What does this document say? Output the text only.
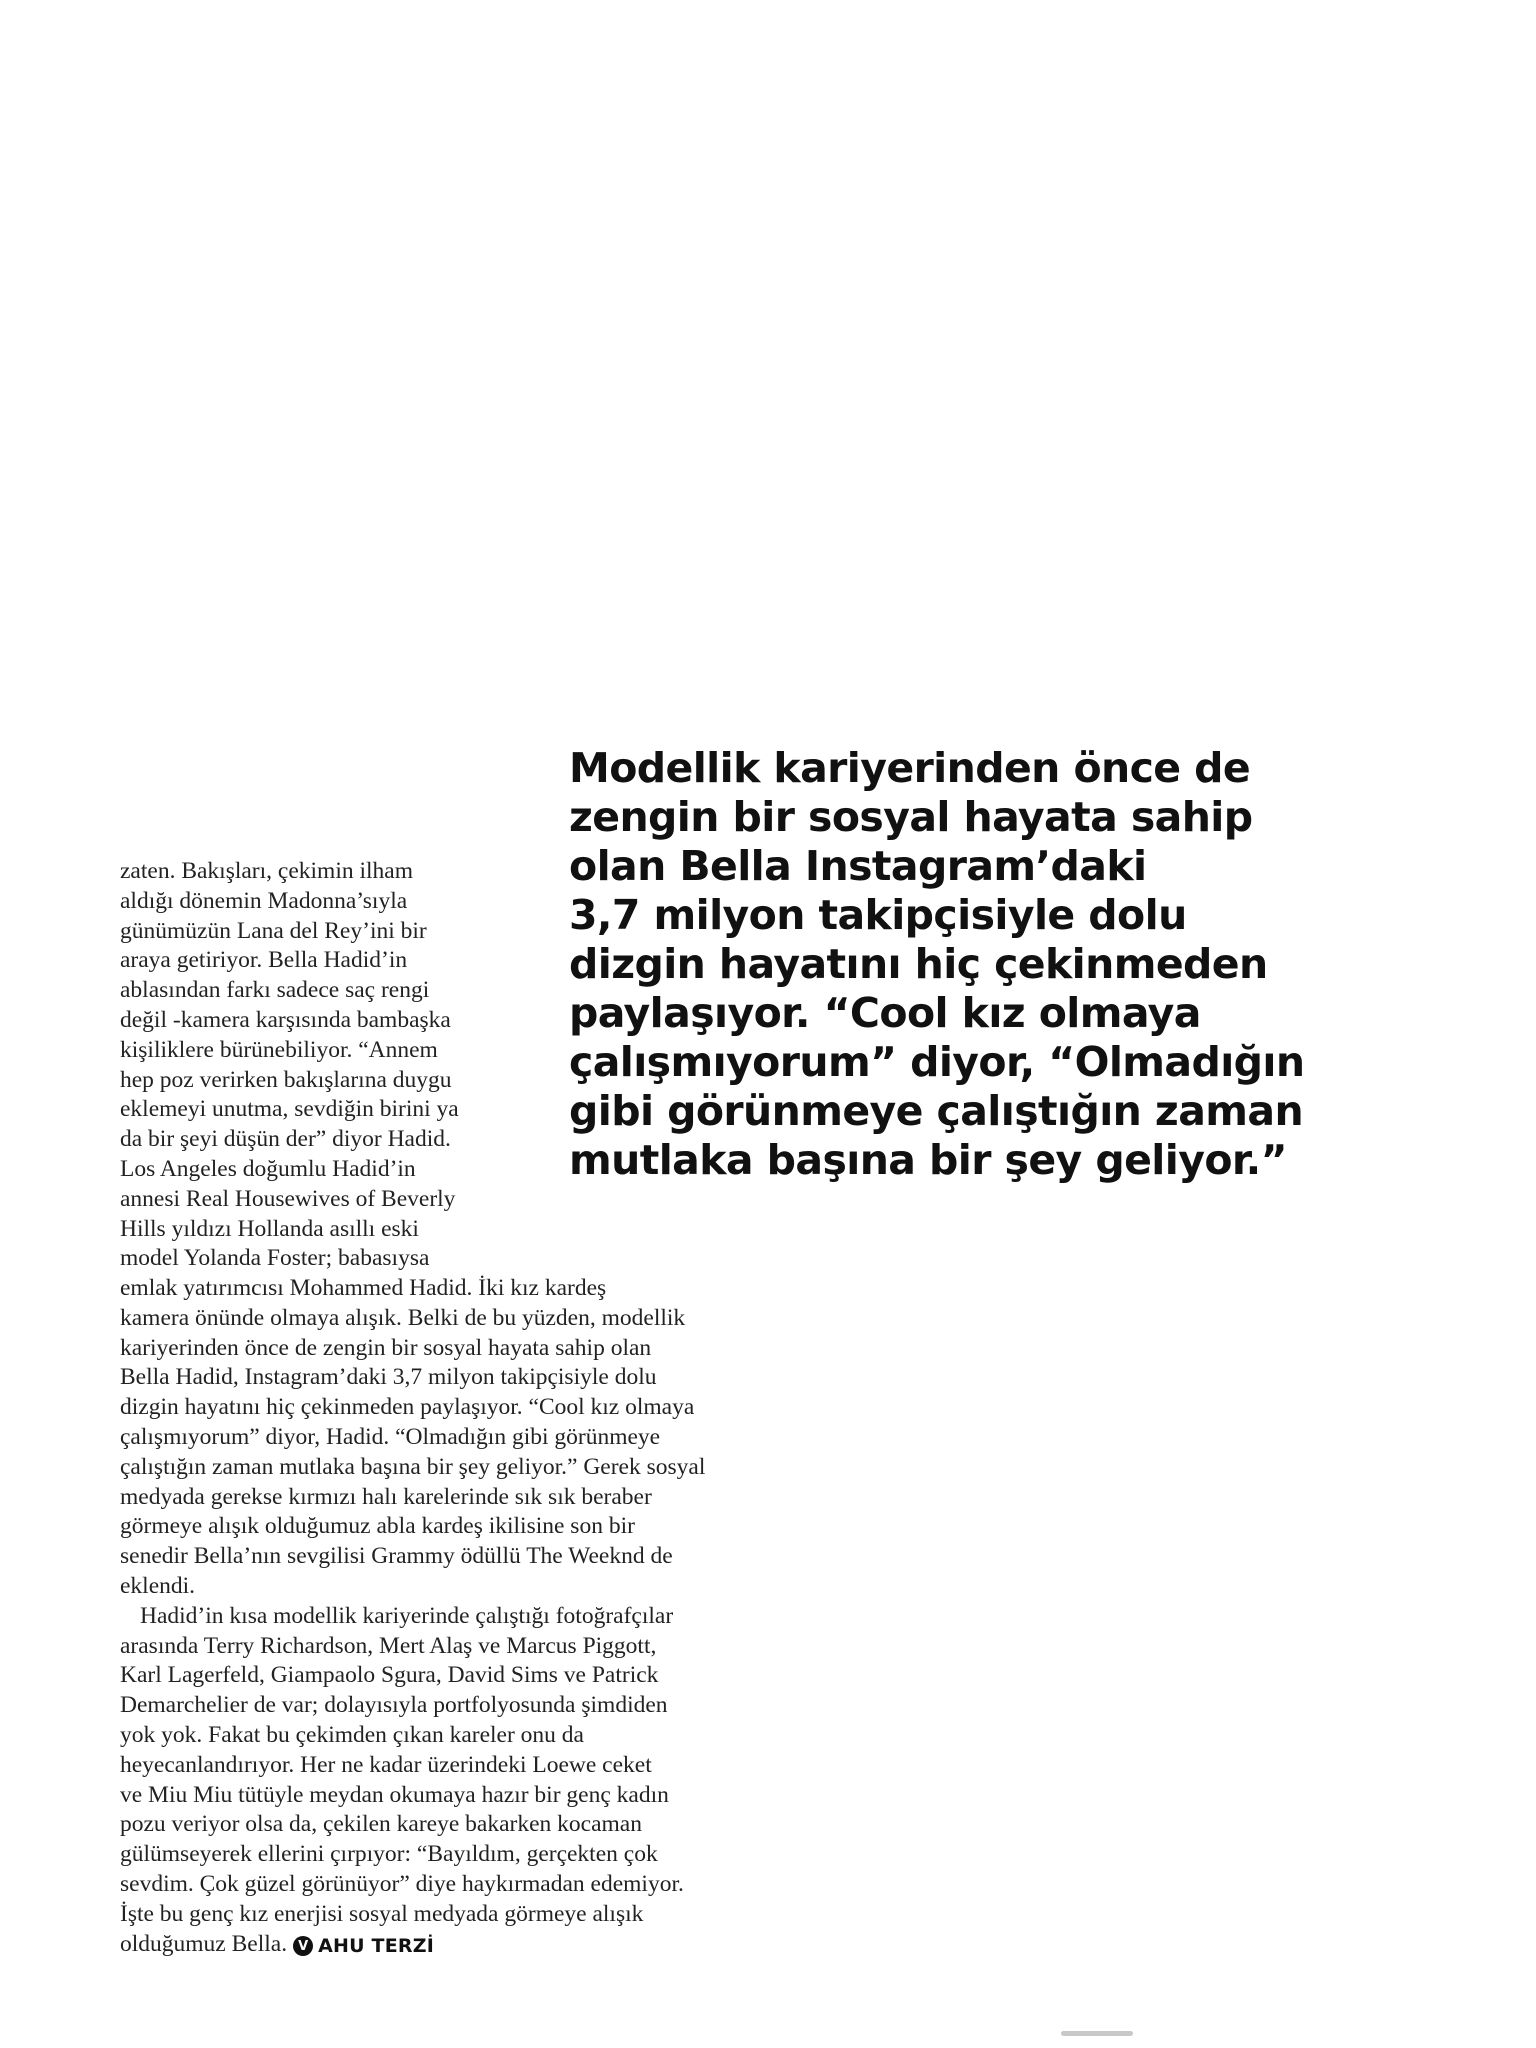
Modellik kariyerinden önce de
zengin bir sosyal hayata sahip
olan Bella Instagram’daki
3,7 milyon takipçisiyle dolu
dizgin hayatını hiç çekinmeden
paylaşıyor. “Cool kız olmaya
çalışmıyorum” diyor, “Olmadığın
gibi görünmeye çalıştığın zaman
mutlaka başına bir şey geliyor.”
zaten. Bakışları, çekimin ilham
aldığı dönemin Madonna’sıyla
günümüzün Lana del Rey’ini bir
araya getiriyor. Bella Hadid’in
ablasından farkı sadece saç rengi
değil -kamera karşısında bambaşka
kişiliklere bürünebiliyor. “Annem
hep poz verirken bakışlarına duygu
eklemeyi unutma, sevdiğin birini ya
da bir şeyi düşün der” diyor Hadid.
Los Angeles doğumlu Hadid’in
annesi Real Housewives of Beverly
Hills yıldızı Hollanda asıllı eski
model Yolanda Foster; babasıysa
emlak yatırımcısı Mohammed Hadid. İki kız kardeş
kamera önünde olmaya alışık. Belki de bu yüzden, modellik
kariyerinden önce de zengin bir sosyal hayata sahip olan
Bella Hadid, Instagram’daki 3,7 milyon takipçisiyle dolu
dizgin hayatını hiç çekinmeden paylaşıyor. “Cool kız olmaya
çalışmıyorum” diyor, Hadid. “Olmadığın gibi görünmeye
çalıştığın zaman mutlaka başına bir şey geliyor.” Gerek sosyal
medyada gerekse kırmızı halı karelerinde sık sık beraber
görmeye alışık olduğumuz abla kardeş ikilisine son bir
senedir Bella’nın sevgilisi Grammy ödüllü The Weeknd de
eklendi.
Hadid’in kısa modellik kariyerinde çalıştığı fotoğrafçılar
arasında Terry Richardson, Mert Alaş ve Marcus Piggott,
Karl Lagerfeld, Giampaolo Sgura, David Sims ve Patrick
Demarchelier de var; dolayısıyla portfolyosunda şimdiden
yok yok. Fakat bu çekimden çıkan kareler onu da
heyecanlandırıyor. Her ne kadar üzerindeki Loewe ceket
ve Miu Miu tütüyle meydan okumaya hazır bir genç kadın
pozu veriyor olsa da, çekilen kareye bakarken kocaman
gülümseyerek ellerini çırpıyor: “Bayıldım, gerçekten çok
sevdim. Çok güzel görünüyor” diye haykırmadan edemiyor.
İşte bu genç kız enerjisi sosyal medyada görmeye alışık
olduğumuz Bella. V AHU TERZİ
